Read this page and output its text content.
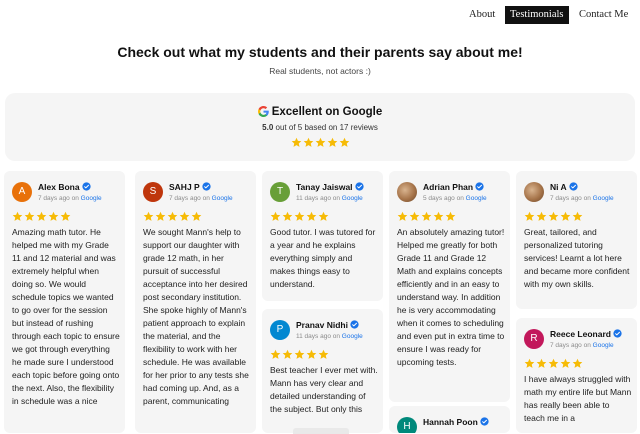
About	Testimonials	Contact Me
Check out what my students and their parents say about me!
Real students, not actors :)
Excellent on Google
5.0 out of 5 based on 17 reviews
A	Alex Bona
7 days ago on Google
Amazing math tutor. He helped me with my Grade 11 and 12 material and was extremely helpful when doing so. We would schedule topics we wanted to go over for the session but instead of rushing through each topic to ensure we got through everything he made sure I understood each topic before going onto the next. Also, the flexibility in schedule was a nice
S	SAHJ P
7 days ago on Google
We sought Mann's help to support our daughter with grade 12 math, in her pursuit of successful acceptance into her desired post secondary institution. She spoke highly of Mann's patient approach to explain the material, and the flexibility to work with her schedule. He was available for her prior to any tests she had coming up. And, as a parent, communicating
T	Tanay Jaiswal
11 days ago on Google
Good tutor. I was tutored for a year and he explains everything simply and makes things easy to understand.
P	Pranav Nidhi
11 days ago on Google
Best teacher I ever met with. Mann has very clear and detailed understanding of the subject. But only this
Adrian Phan
5 days ago on Google
An absolutely amazing tutor! Helped me greatly for both Grade 11 and Grade 12 Math and explains concepts efficiently and in an easy to understand way. In addition he is very accommodating when it comes to scheduling and even put in extra time to ensure I was ready for upcoming tests.
H	Hannah Poon
Ni A
7 days ago on Google
Great, tailored, and personalized tutoring services! Learnt a lot here and became more confident with my own skills.
R	Reece Leonard
7 days ago on Google
I have always struggled with math my entire life but Mann has really been able to teach me in a
